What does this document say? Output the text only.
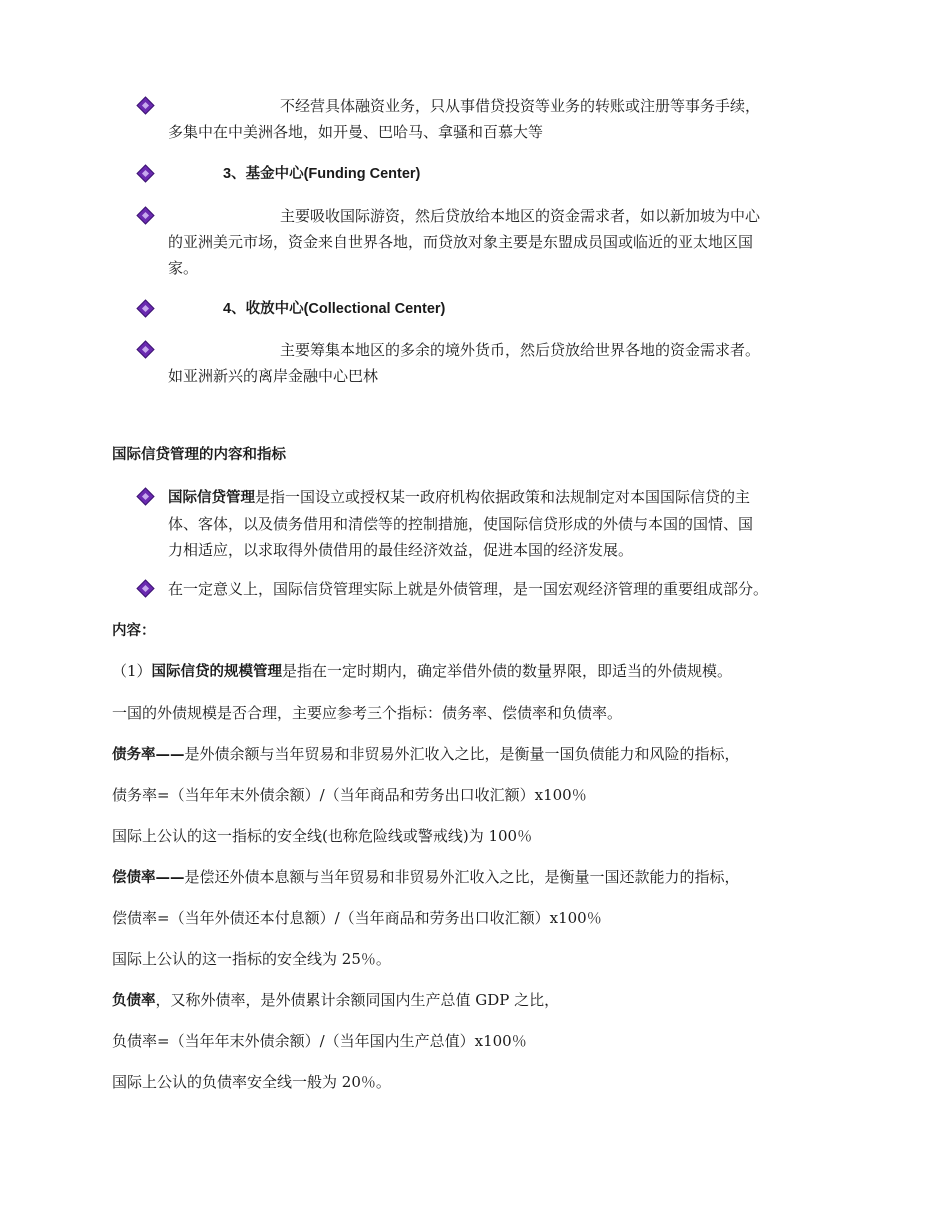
不经营具体融资业务，只从事借贷投资等业务的转账或注册等事务手续，
多集中在中美洲各地，如开曼、巴哈马、拿骚和百慕大等
3、基金中心(Funding Center)
主要吸收国际游资，然后贷放给本地区的资金需求者，如以新加坡为中心
的亚洲美元市场，资金来自世界各地，而贷放对象主要是东盟成员国或临近的亚太地区国
家。
4、收放中心(Collectional Center)
主要筹集本地区的多余的境外货币，然后贷放给世界各地的资金需求者。
如亚洲新兴的离岸金融中心巴林
国际信贷管理的内容和指标
国际信贷管理是指一国设立或授权某一政府机构依据政策和法规制定对本国国际信贷的主
体、客体，以及债务借用和清偿等的控制措施，使国际信贷形成的外债与本国的国情、国
力相适应，以求取得外债借用的最佳经济效益，促进本国的经济发展。
在一定意义上，国际信贷管理实际上就是外债管理，是一国宏观经济管理的重要组成部分。
内容：
（1）国际信贷的规模管理是指在一定时期内，确定举借外债的数量界限，即适当的外债规模。
一国的外债规模是否合理，主要应参考三个指标：债务率、偿债率和负债率。
债务率——是外债余额与当年贸易和非贸易外汇收入之比，是衡量一国负债能力和风险的指标，
债务率=（当年年末外债余额）/（当年商品和劳务出口收汇额）x100％
国际上公认的这一指标的安全线(也称危险线或警戒线)为 100％
偿债率——是偿还外债本息额与当年贸易和非贸易外汇收入之比，是衡量一国还款能力的指标，
偿债率=（当年外债还本付息额）/（当年商品和劳务出口收汇额）x100％
国际上公认的这一指标的安全线为 25％。
负债率，又称外债率，是外债累计余额同国内生产总值 GDP 之比，
负债率=（当年年末外债余额）/（当年国内生产总值）x100％
国际上公认的负债率安全线一般为 20％。
